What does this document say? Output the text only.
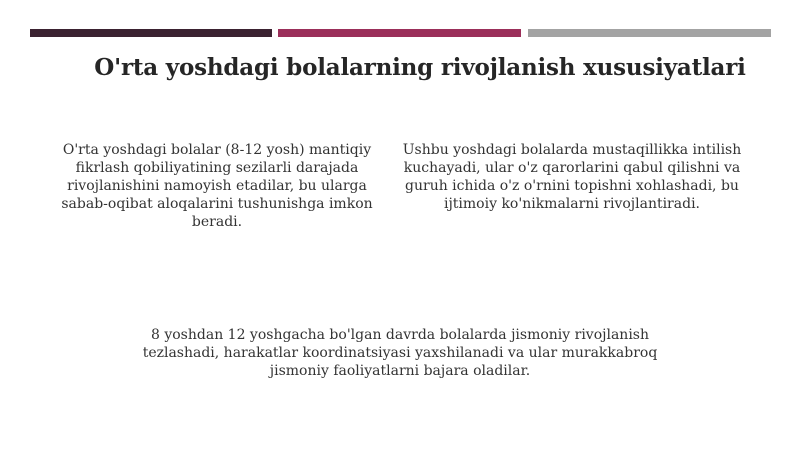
O'rta yoshdagi bolalarning rivojlanish xususiyatlari
O'rta yoshdagi bolalar (8-12 yosh) mantiqiy fikrlash qobiliyatining sezilarli darajada rivojlanishini namoyish etadilar, bu ularga sabab-oqibat aloqalarini tushunishga imkon beradi.
Ushbu yoshdagi bolalarda mustaqillikka intilish kuchayadi, ular o'z qarorlarini qabul qilishni va guruh ichida o'z o'rnini topishni xohlashadi, bu ijtimoiy ko'nikmalarni rivojlantiradi.
8 yoshdan 12 yoshgacha bo'lgan davrda bolalarda jismoniy rivojlanish tezlashadi, harakatlar koordinatsiyasi yaxshilanadi va ular murakkabroq jismoniy faoliyatlarni bajara oladilar.
